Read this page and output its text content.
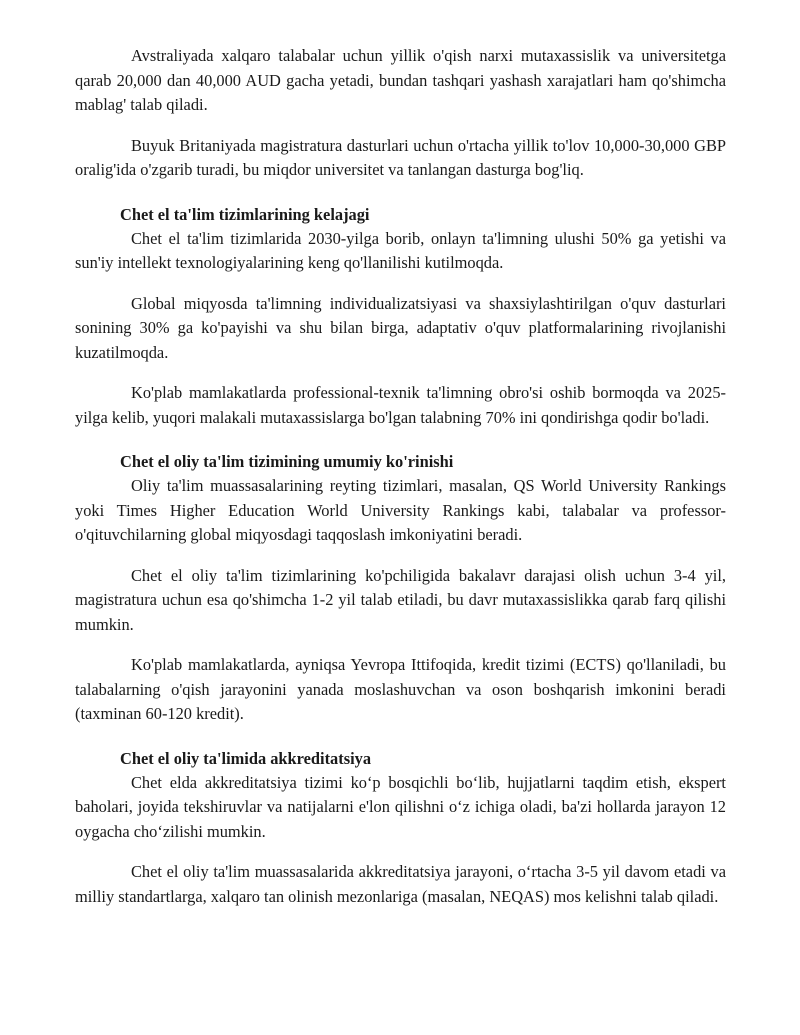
Avstraliyada xalqaro talabalar uchun yillik o'qish narxi mutaxassislik va universitetga qarab 20,000 dan 40,000 AUD gacha yetadi, bundan tashqari yashash xarajatlari ham qo'shimcha mablag' talab qiladi.

Buyuk Britaniyada magistratura dasturlari uchun o'rtacha yillik to'lov 10,000-30,000 GBP oralig'ida o'zgarib turadi, bu miqdor universitet va tanlangan dasturga bog'liq.

Chet el ta'lim tizimlarining kelajagi

Chet el ta'lim tizimlarida 2030-yilga borib, onlayn ta'limning ulushi 50% ga yetishi va sun'iy intellekt texnologiyalarining keng qo'llanilishi kutilmoqda.

Global miqyosda ta'limning individualizatsiyasi va shaxsiylashtirilgan o'quv dasturlari sonining 30% ga ko'payishi va shu bilan birga, adaptativ o'quv platformalarining rivojlanishi kuzatilmoqda.

Ko'plab mamlakatlarda professional-texnik ta'limning obro'si oshib bormoqda va 2025-yilga kelib, yuqori malakali mutaxassislarga bo'lgan talabning 70% ini qondirishga qodir bo'ladi.

Chet el oliy ta'lim tizimining umumiy ko'rinishi

Oliy ta'lim muassasalarining reyting tizimlari, masalan, QS World University Rankings yoki Times Higher Education World University Rankings kabi, talabalar va professor-o'qituvchilarning global miqyosdagi taqqoslash imkoniyatini beradi.

Chet el oliy ta'lim tizimlarining ko'pchiligida bakalavr darajasi olish uchun 3-4 yil, magistratura uchun esa qo'shimcha 1-2 yil talab etiladi, bu davr mutaxassislikka qarab farq qilishi mumkin.

Ko'plab mamlakatlarda, ayniqsa Yevropa Ittifoqida, kredit tizimi (ECTS) qo'llaniladi, bu talabalarning o'qish jarayonini yanada moslashuvchan va oson boshqarish imkonini beradi (taxminan 60-120 kredit).

Chet el oliy ta'limida akkreditatsiya

Chet elda akkreditatsiya tizimi ko‘p bosqichli bo‘lib, hujjatlarni taqdim etish, ekspert baholari, joyida tekshiruvlar va natijalarni e'lon qilishni o‘z ichiga oladi, ba'zi hollarda jarayon 12 oygacha cho‘zilishi mumkin.

Chet el oliy ta'lim muassasalarida akkreditatsiya jarayoni, o‘rtacha 3-5 yil davom etadi va milliy standartlarga, xalqaro tan olinish mezonlariga (masalan, NEQAS) mos kelishni talab qiladi.
